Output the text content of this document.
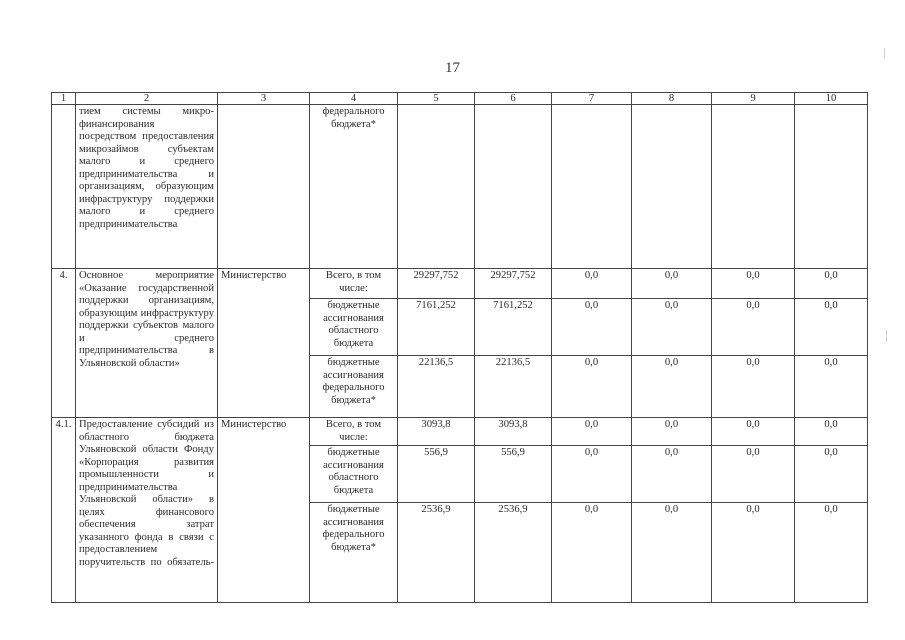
17
1	2	3	4	5	6	7	8	9	10
	тием системы микро-финансирования посредством предоставления микрозаймов субъектам малого и среднего предпринимательства и организациям, образующим инфраструктуру поддержки малого и среднего предпринимательства		федерального бюджета*						
4.	Основное мероприятие «Оказание государственной поддержки организациям, образующим инфраструктуру поддержки субъектов малого и среднего предпринимательства в Ульяновской области»	Министерство	Всего, в том числе:	29297,752	29297,752	0,0	0,0	0,0	0,0
			бюджетные ассигнования областного бюджета	7161,252	7161,252	0,0	0,0	0,0	0,0
			бюджетные ассигнования федерального бюджета*	22136,5	22136,5	0,0	0,0	0,0	0,0
4.1.	Предоставление субсидий из областного бюджета Ульяновской области Фонду «Корпорация развития промышленности и предпринимательства Ульяновской области» в целях финансового обеспечения затрат указанного фонда в связи с предоставлением поручительств по обязатель-	Министерство	Всего, в том числе:	3093,8	3093,8	0,0	0,0	0,0	0,0
			бюджетные ассигнования областного бюджета	556,9	556,9	0,0	0,0	0,0	0,0
			бюджетные ассигнования федерального бюджета*	2536,9	2536,9	0,0	0,0	0,0	0,0
